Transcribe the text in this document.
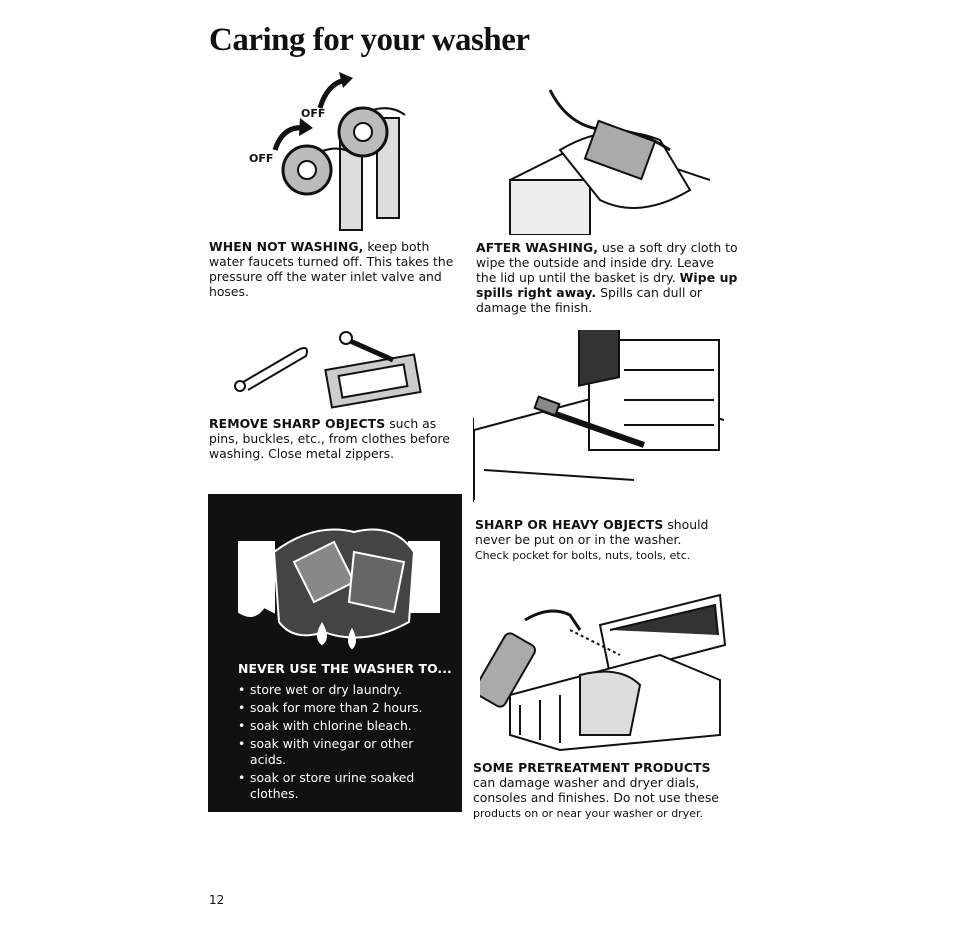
Caring for your washer
OFF
OFF

WHEN NOT WASHING, keep both water faucets turned off. This takes the pressure off the water inlet valve and hoses.

AFTER WASHING, use a soft dry cloth to wipe the outside and inside dry. Leave the lid up until the basket is dry. Wipe up spills right away. Spills can dull or damage the finish.

REMOVE SHARP OBJECTS such as pins, buckles, etc., from clothes before washing. Close metal zippers.

NEVER USE THE WASHER TO...

• store wet or dry laundry.
• soak for more than 2 hours.
• soak with chlorine bleach.
• soak with vinegar or other acids.
• soak or store urine soaked clothes.

SHARP OR HEAVY OBJECTS should never be put on or in the washer.
Check pocket for bolts, nuts, tools, etc.

SOME PRETREATMENT PRODUCTS can damage washer and dryer dials, consoles and finishes. Do not use these products on or near your washer or dryer.

12
